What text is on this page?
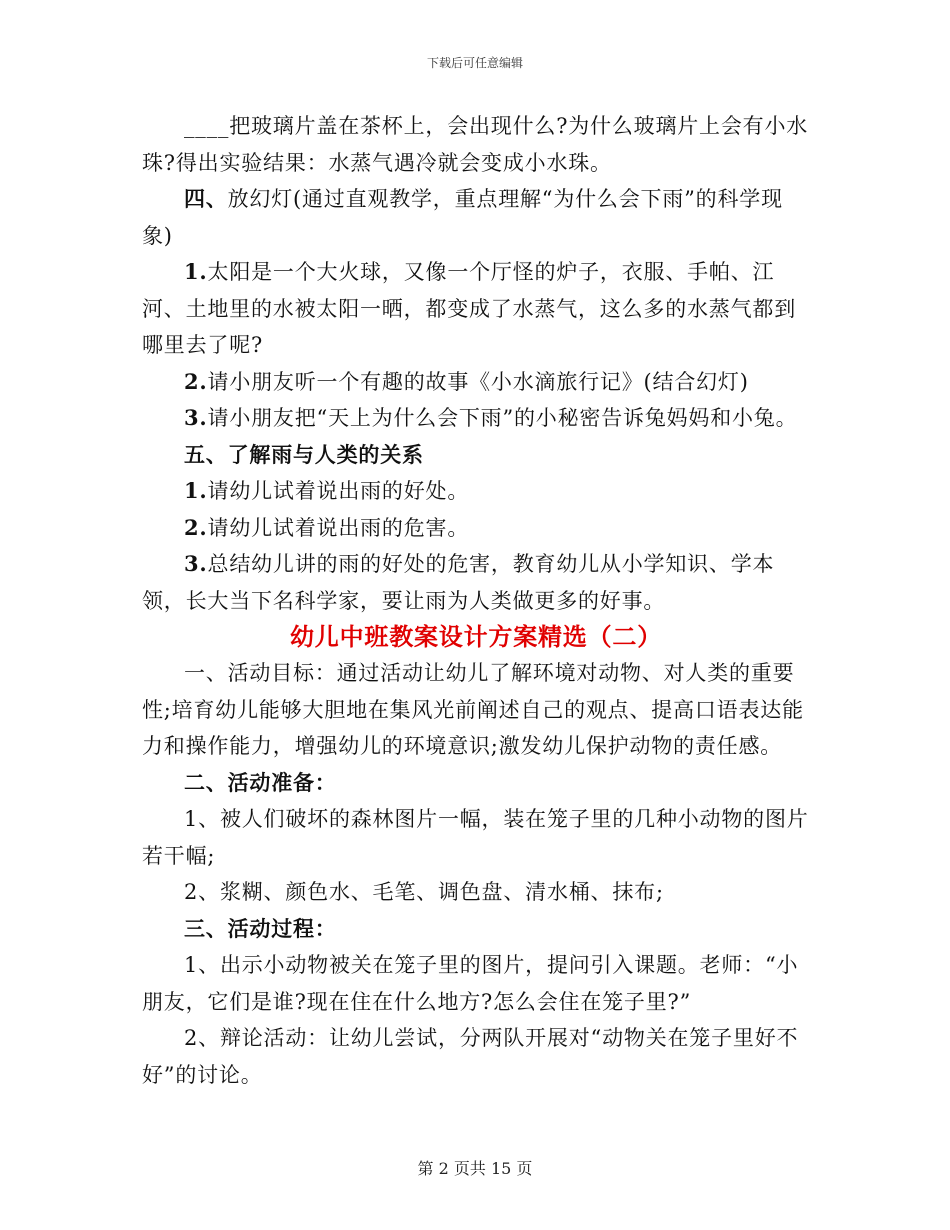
下载后可任意编辑

____把玻璃片盖在茶杯上，会出现什么?为什么玻璃片上会有小水珠?得出实验结果：水蒸气遇冷就会变成小水珠。

四、放幻灯(通过直观教学，重点理解“为什么会下雨”的科学现象)

1.太阳是一个大火球，又像一个厅怪的炉子，衣服、手帕、江河、土地里的水被太阳一晒，都变成了水蒸气，这么多的水蒸气都到哪里去了呢?

2.请小朋友听一个有趣的故事《小水滴旅行记》(结合幻灯)

3.请小朋友把“天上为什么会下雨”的小秘密告诉兔妈妈和小兔。

五、了解雨与人类的关系

1.请幼儿试着说出雨的好处。

2.请幼儿试着说出雨的危害。

3.总结幼儿讲的雨的好处的危害，教育幼儿从小学知识、学本领，长大当下名科学家，要让雨为人类做更多的好事。

幼儿中班教案设计方案精选（二）

一、活动目标：通过活动让幼儿了解环境对动物、对人类的重要性;培育幼儿能够大胆地在集风光前阐述自己的观点、提高口语表达能力和操作能力，增强幼儿的环境意识;激发幼儿保护动物的责任感。

二、活动准备：

1、被人们破坏的森林图片一幅，装在笼子里的几种小动物的图片若干幅;

2、浆糊、颜色水、毛笔、调色盘、清水桶、抹布;

三、活动过程：

1、出示小动物被关在笼子里的图片，提问引入课题。老师：“小朋友，它们是谁?现在住在什么地方?怎么会住在笼子里?”

2、辩论活动：让幼儿尝试，分两队开展对“动物关在笼子里好不好”的讨论。

第 2 页共 15 页
